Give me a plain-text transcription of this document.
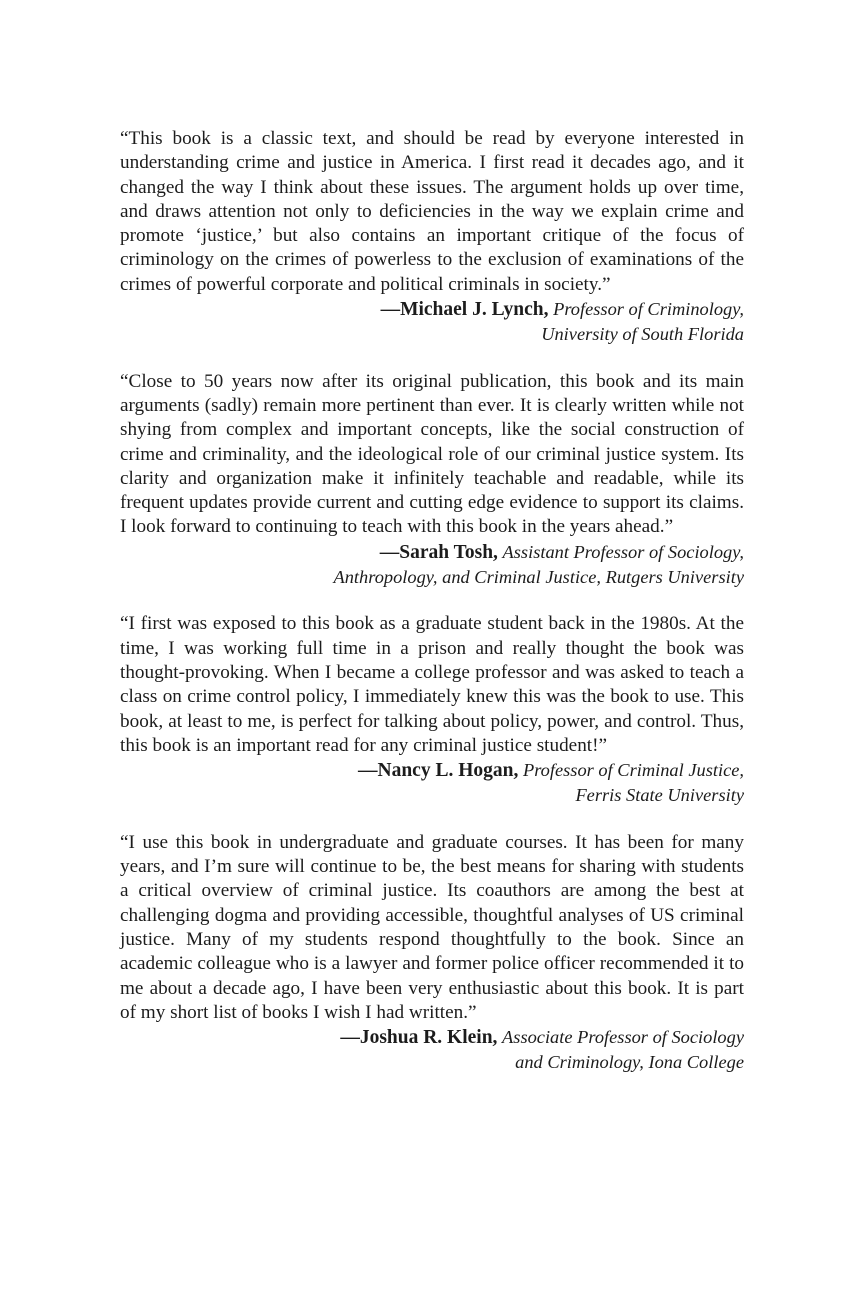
“This book is a classic text, and should be read by everyone interested in understanding crime and justice in America. I first read it decades ago, and it changed the way I think about these issues. The argument holds up over time, and draws attention not only to deficiencies in the way we explain crime and promote ‘justice,’ but also contains an important critique of the focus of criminology on the crimes of powerless to the exclusion of examinations of the crimes of powerful corporate and political criminals in society.”

—Michael J. Lynch, Professor of Criminology,
University of South Florida

“Close to 50 years now after its original publication, this book and its main arguments (sadly) remain more pertinent than ever. It is clearly written while not shying from complex and important concepts, like the social construction of crime and criminality, and the ideological role of our criminal justice system. Its clarity and organization make it infinitely teachable and readable, while its frequent updates provide current and cutting edge evidence to support its claims. I look forward to continuing to teach with this book in the years ahead.”

—Sarah Tosh, Assistant Professor of Sociology,
Anthropology, and Criminal Justice, Rutgers University

“I first was exposed to this book as a graduate student back in the 1980s. At the time, I was working full time in a prison and really thought the book was thought-provoking. When I became a college professor and was asked to teach a class on crime control policy, I immediately knew this was the book to use. This book, at least to me, is perfect for talking about policy, power, and control. Thus, this book is an important read for any criminal justice student!”

—Nancy L. Hogan, Professor of Criminal Justice,
Ferris State University

“I use this book in undergraduate and graduate courses. It has been for many years, and I’m sure will continue to be, the best means for sharing with students a critical overview of criminal justice. Its coauthors are among the best at challenging dogma and providing accessible, thoughtful analyses of US criminal justice. Many of my students respond thoughtfully to the book. Since an academic colleague who is a lawyer and former police officer recommended it to me about a decade ago, I have been very enthusiastic about this book. It is part of my short list of books I wish I had written.”

—Joshua R. Klein, Associate Professor of Sociology
and Criminology, Iona College
